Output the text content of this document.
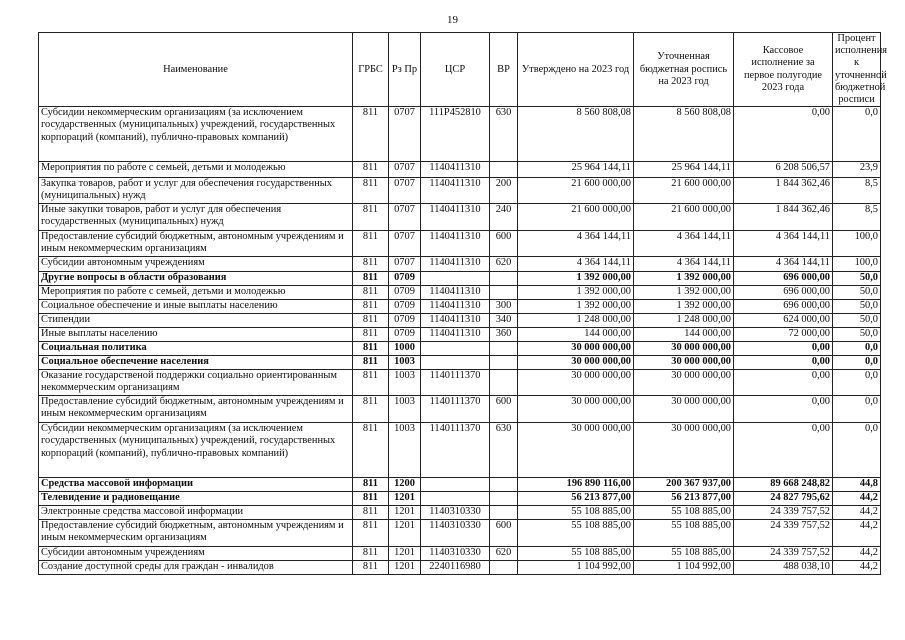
19
Наименование	ГРБС	Рз Пр	ЦСР	ВР	Утверждено на 2023 год	Уточненная бюджетная роспись на 2023 год	Кассовое исполнение за первое полугодие 2023 года	Процент исполнения к уточненной бюджетной росписи
Субсидии некоммерческим организациям (за исключением государственных (муниципальных) учреждений, государственных корпораций (компаний), публично-правовых компаний)	811	0707	111P452810	630	8 560 808,08	8 560 808,08	0,00	0,0
Мероприятия по работе с семьей, детьми и молодежью	811	0707	1140411310		25 964 144,11	25 964 144,11	6 208 506,57	23,9
Закупка товаров, работ и услуг для обеспечения государственных (муниципальных) нужд	811	0707	1140411310	200	21 600 000,00	21 600 000,00	1 844 362,46	8,5
Иные закупки товаров, работ и услуг для обеспечения государственных (муниципальных) нужд	811	0707	1140411310	240	21 600 000,00	21 600 000,00	1 844 362,46	8,5
Предоставление субсидий бюджетным, автономным учреждениям и иным некоммерческим организациям	811	0707	1140411310	600	4 364 144,11	4 364 144,11	4 364 144,11	100,0
Субсидии автономным учреждениям	811	0707	1140411310	620	4 364 144,11	4 364 144,11	4 364 144,11	100,0
Другие вопросы в области образования	811	0709			1 392 000,00	1 392 000,00	696 000,00	50,0
Мероприятия по работе с семьей, детьми и молодежью	811	0709	1140411310		1 392 000,00	1 392 000,00	696 000,00	50,0
Социальное обеспечение и иные выплаты населению	811	0709	1140411310	300	1 392 000,00	1 392 000,00	696 000,00	50,0
Стипендии	811	0709	1140411310	340	1 248 000,00	1 248 000,00	624 000,00	50,0
Иные выплаты населению	811	0709	1140411310	360	144 000,00	144 000,00	72 000,00	50,0
Социальная политика	811	1000			30 000 000,00	30 000 000,00	0,00	0,0
Социальное обеспечение населения	811	1003			30 000 000,00	30 000 000,00	0,00	0,0
Оказание государственой поддержки социально ориентированным некоммерческим организациям	811	1003	1140111370		30 000 000,00	30 000 000,00	0,00	0,0
Предоставление субсидий бюджетным, автономным учреждениям и иным некоммерческим организациям	811	1003	1140111370	600	30 000 000,00	30 000 000,00	0,00	0,0
Субсидии некоммерческим организациям (за исключением государственных (муниципальных) учреждений, государственных корпораций (компаний), публично-правовых компаний)	811	1003	1140111370	630	30 000 000,00	30 000 000,00	0,00	0,0
Средства массовой информации	811	1200			196 890 116,00	200 367 937,00	89 668 248,82	44,8
Телевидение и радиовещание	811	1201			56 213 877,00	56 213 877,00	24 827 795,62	44,2
Электронные средства массовой информации	811	1201	1140310330		55 108 885,00	55 108 885,00	24 339 757,52	44,2
Предоставление субсидий бюджетным, автономным учреждениям и иным некоммерческим организациям	811	1201	1140310330	600	55 108 885,00	55 108 885,00	24 339 757,52	44,2
Субсидии автономным учреждениям	811	1201	1140310330	620	55 108 885,00	55 108 885,00	24 339 757,52	44,2
Создание доступной среды для граждан - инвалидов	811	1201	2240116980		1 104 992,00	1 104 992,00	488 038,10	44,2
